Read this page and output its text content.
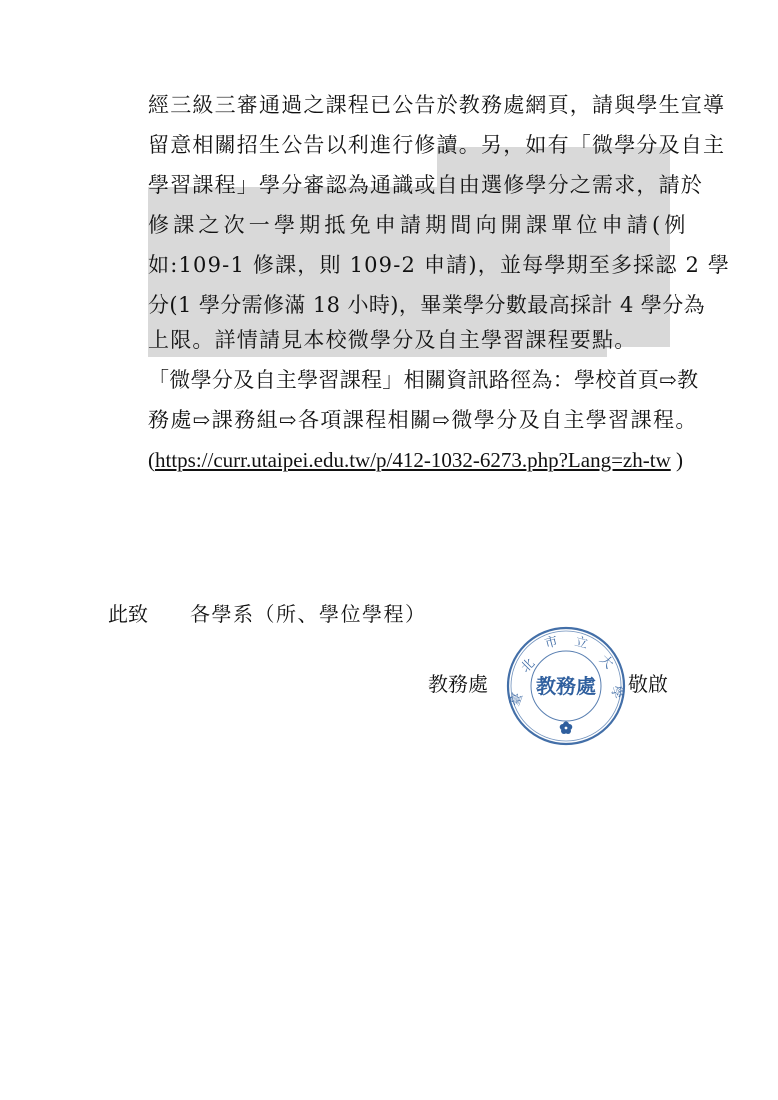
經三級三審通過之課程已公告於教務處網頁，請與學生宣導
留意相關招生公告以利進行修讀。另，如有「微學分及自主
學習課程」學分審認為通識或自由選修學分之需求，請於
修課之次一學期抵免申請期間向開課單位申請(例
如:109-1 修課，則 109-2 申請)，並每學期至多採認 2 學
分(1 學分需修滿 18 小時)，畢業學分數最高採計 4 學分為
上限。詳情請見本校微學分及自主學習課程要點。
「微學分及自主學習課程」相關資訊路徑為：學校首頁⇨教
務處⇨課務組⇨各項課程相關⇨微學分及自主學習課程。
(https://curr.utaipei.edu.tw/p/412-1032-6273.php?Lang=zh-tw )
此致 各學系（所、學位學程）
教務處	敬啟
臺
北
市 立
大
學
教務處
